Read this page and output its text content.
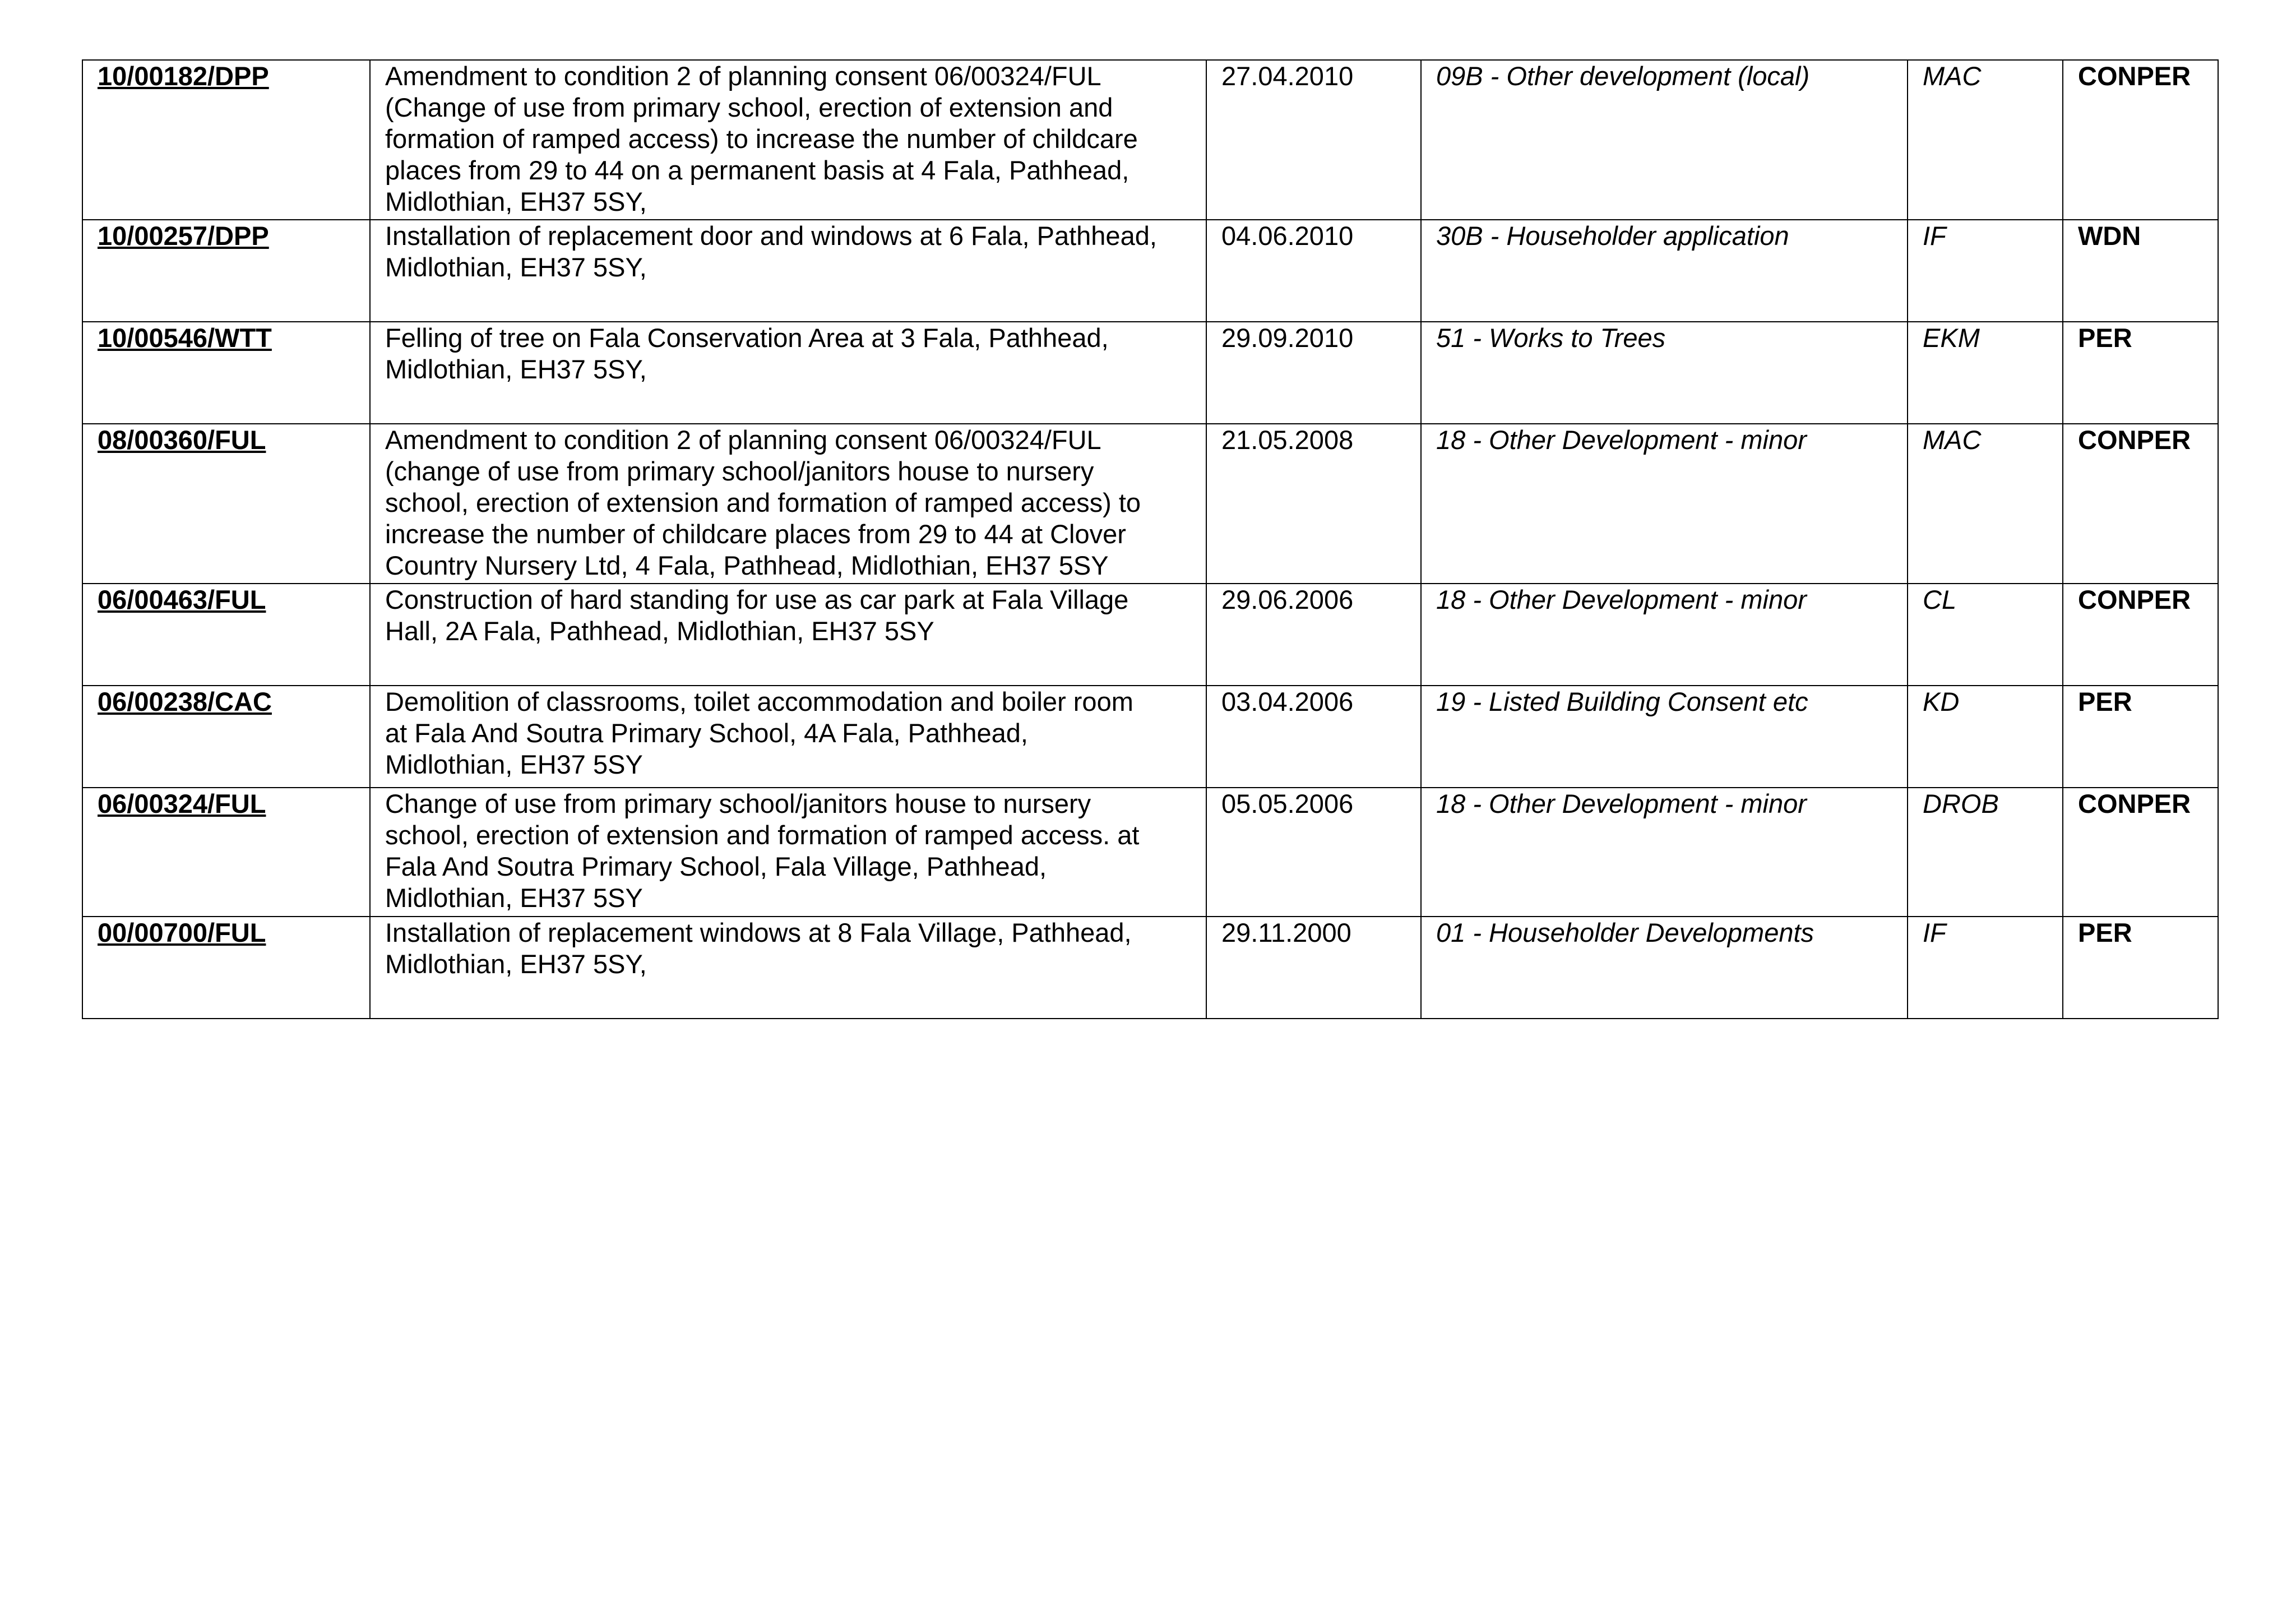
10/00182/DPP	Amendment to condition 2 of planning consent 06/00324/FUL
(Change of use from primary school, erection of extension and
formation of ramped access) to increase the number of childcare
places from 29 to 44 on a permanent basis at 4 Fala, Pathhead,
Midlothian, EH37 5SY,	27.04.2010	09B - Other development (local)	MAC	CONPER
10/00257/DPP	Installation of replacement door and windows at 6 Fala, Pathhead,
Midlothian, EH37 5SY,	04.06.2010	30B - Householder application	IF	WDN
10/00546/WTT	Felling of tree on Fala Conservation Area at 3 Fala, Pathhead,
Midlothian, EH37 5SY,	29.09.2010	51 - Works to Trees	EKM	PER
08/00360/FUL	Amendment to condition 2 of planning consent 06/00324/FUL
(change of use from primary school/janitors house to nursery
school, erection of extension and formation of ramped access) to
increase the number of childcare places from 29 to 44 at Clover
Country Nursery Ltd, 4 Fala, Pathhead, Midlothian, EH37 5SY	21.05.2008	18 - Other Development - minor	MAC	CONPER
06/00463/FUL	Construction of hard standing for use as car park at Fala Village
Hall, 2A Fala, Pathhead, Midlothian, EH37 5SY	29.06.2006	18 - Other Development - minor	CL	CONPER
06/00238/CAC	Demolition of classrooms, toilet accommodation and boiler room
at Fala And Soutra Primary School, 4A Fala, Pathhead,
Midlothian, EH37 5SY	03.04.2006	19 - Listed Building Consent etc	KD	PER
06/00324/FUL	Change of use from primary school/janitors house to nursery
school, erection of extension and formation of ramped access. at
Fala And Soutra Primary School, Fala Village, Pathhead,
Midlothian, EH37 5SY	05.05.2006	18 - Other Development - minor	DROB	CONPER
00/00700/FUL	Installation of replacement windows at 8 Fala Village, Pathhead,
Midlothian, EH37 5SY,	29.11.2000	01 - Householder Developments	IF	PER
